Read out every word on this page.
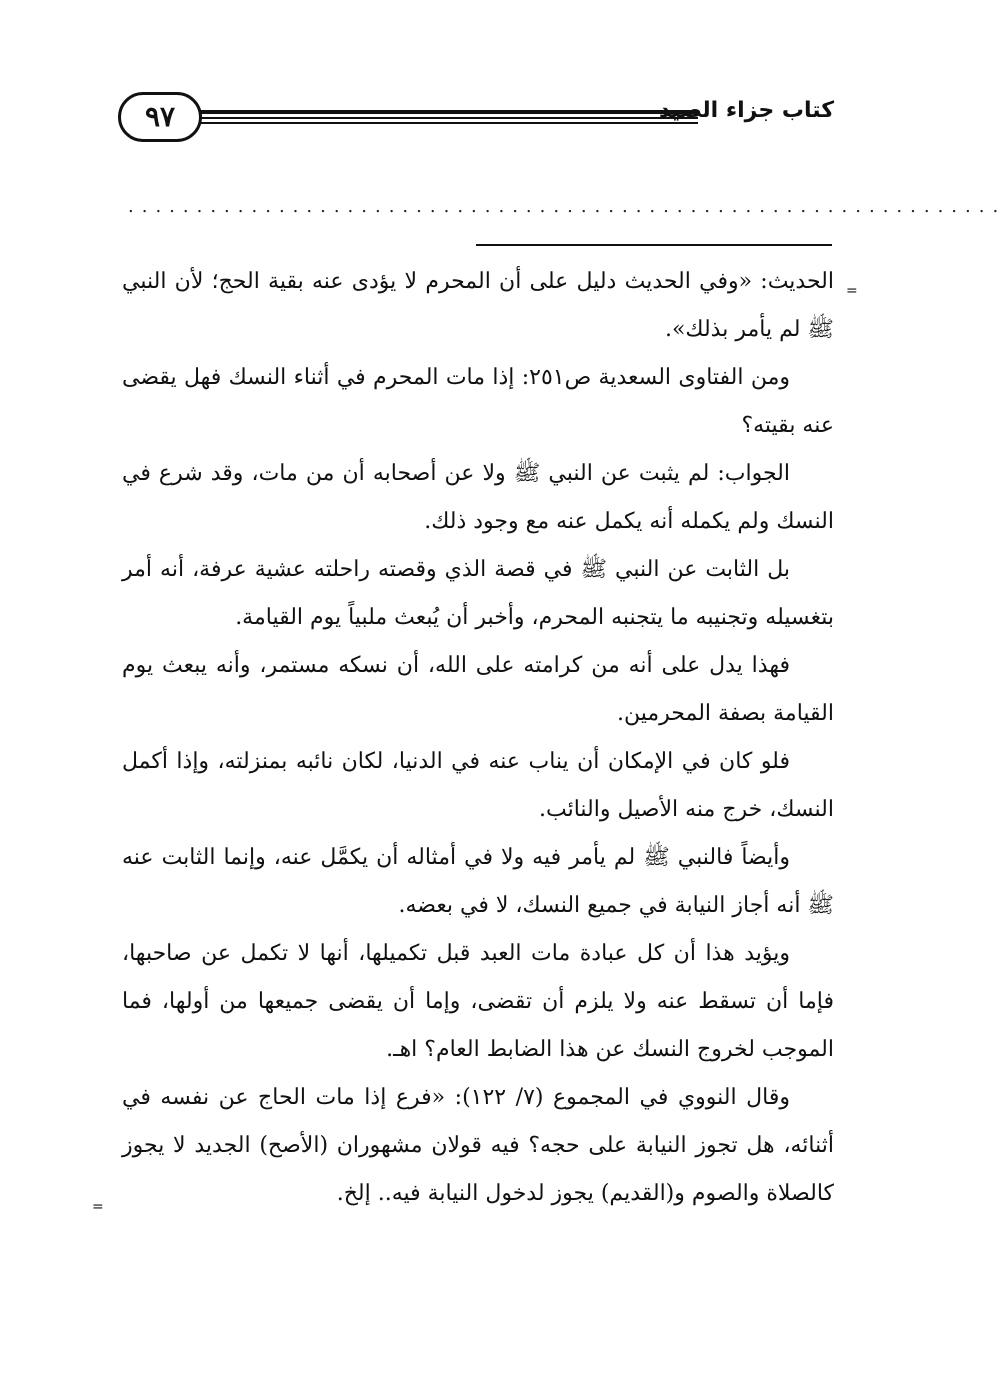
٩٧	كتاب جزاء الصيد
................................................................
=
=

الحديث: «وفي الحديث دليل على أن المحرم لا يؤدى عنه بقية الحج؛ لأن النبي ﷺ لم يأمر بذلك».

ومن الفتاوى السعدية ص٢٥١: إذا مات المحرم في أثناء النسك فهل يقضى عنه بقيته؟

الجواب: لم يثبت عن النبي ﷺ ولا عن أصحابه أن من مات، وقد شرع في النسك ولم يكمله أنه يكمل عنه مع وجود ذلك.

بل الثابت عن النبي ﷺ في قصة الذي وقصته راحلته عشية عرفة، أنه أمر بتغسيله وتجنيبه ما يتجنبه المحرم، وأخبر أن يُبعث ملبياً يوم القيامة.

فهذا يدل على أنه من كرامته على الله، أن نسكه مستمر، وأنه يبعث يوم القيامة بصفة المحرمين.

فلو كان في الإمكان أن يناب عنه في الدنيا، لكان نائبه بمنزلته، وإذا أكمل النسك، خرج منه الأصيل والنائب.

وأيضاً فالنبي ﷺ لم يأمر فيه ولا في أمثاله أن يكمَّل عنه، وإنما الثابت عنه ﷺ أنه أجاز النيابة في جميع النسك، لا في بعضه.

ويؤيد هذا أن كل عبادة مات العبد قبل تكميلها، أنها لا تكمل عن صاحبها، فإما أن تسقط عنه ولا يلزم أن تقضى، وإما أن يقضى جميعها من أولها، فما الموجب لخروج النسك عن هذا الضابط العام؟ اهـ.

وقال النووي في المجموع (٧/ ١٢٢): «فرع إذا مات الحاج عن نفسه في أثنائه، هل تجوز النيابة على حجه؟ فيه قولان مشهوران (الأصح) الجديد لا يجوز كالصلاة والصوم و(القديم) يجوز لدخول النيابة فيه.. إلخ.
